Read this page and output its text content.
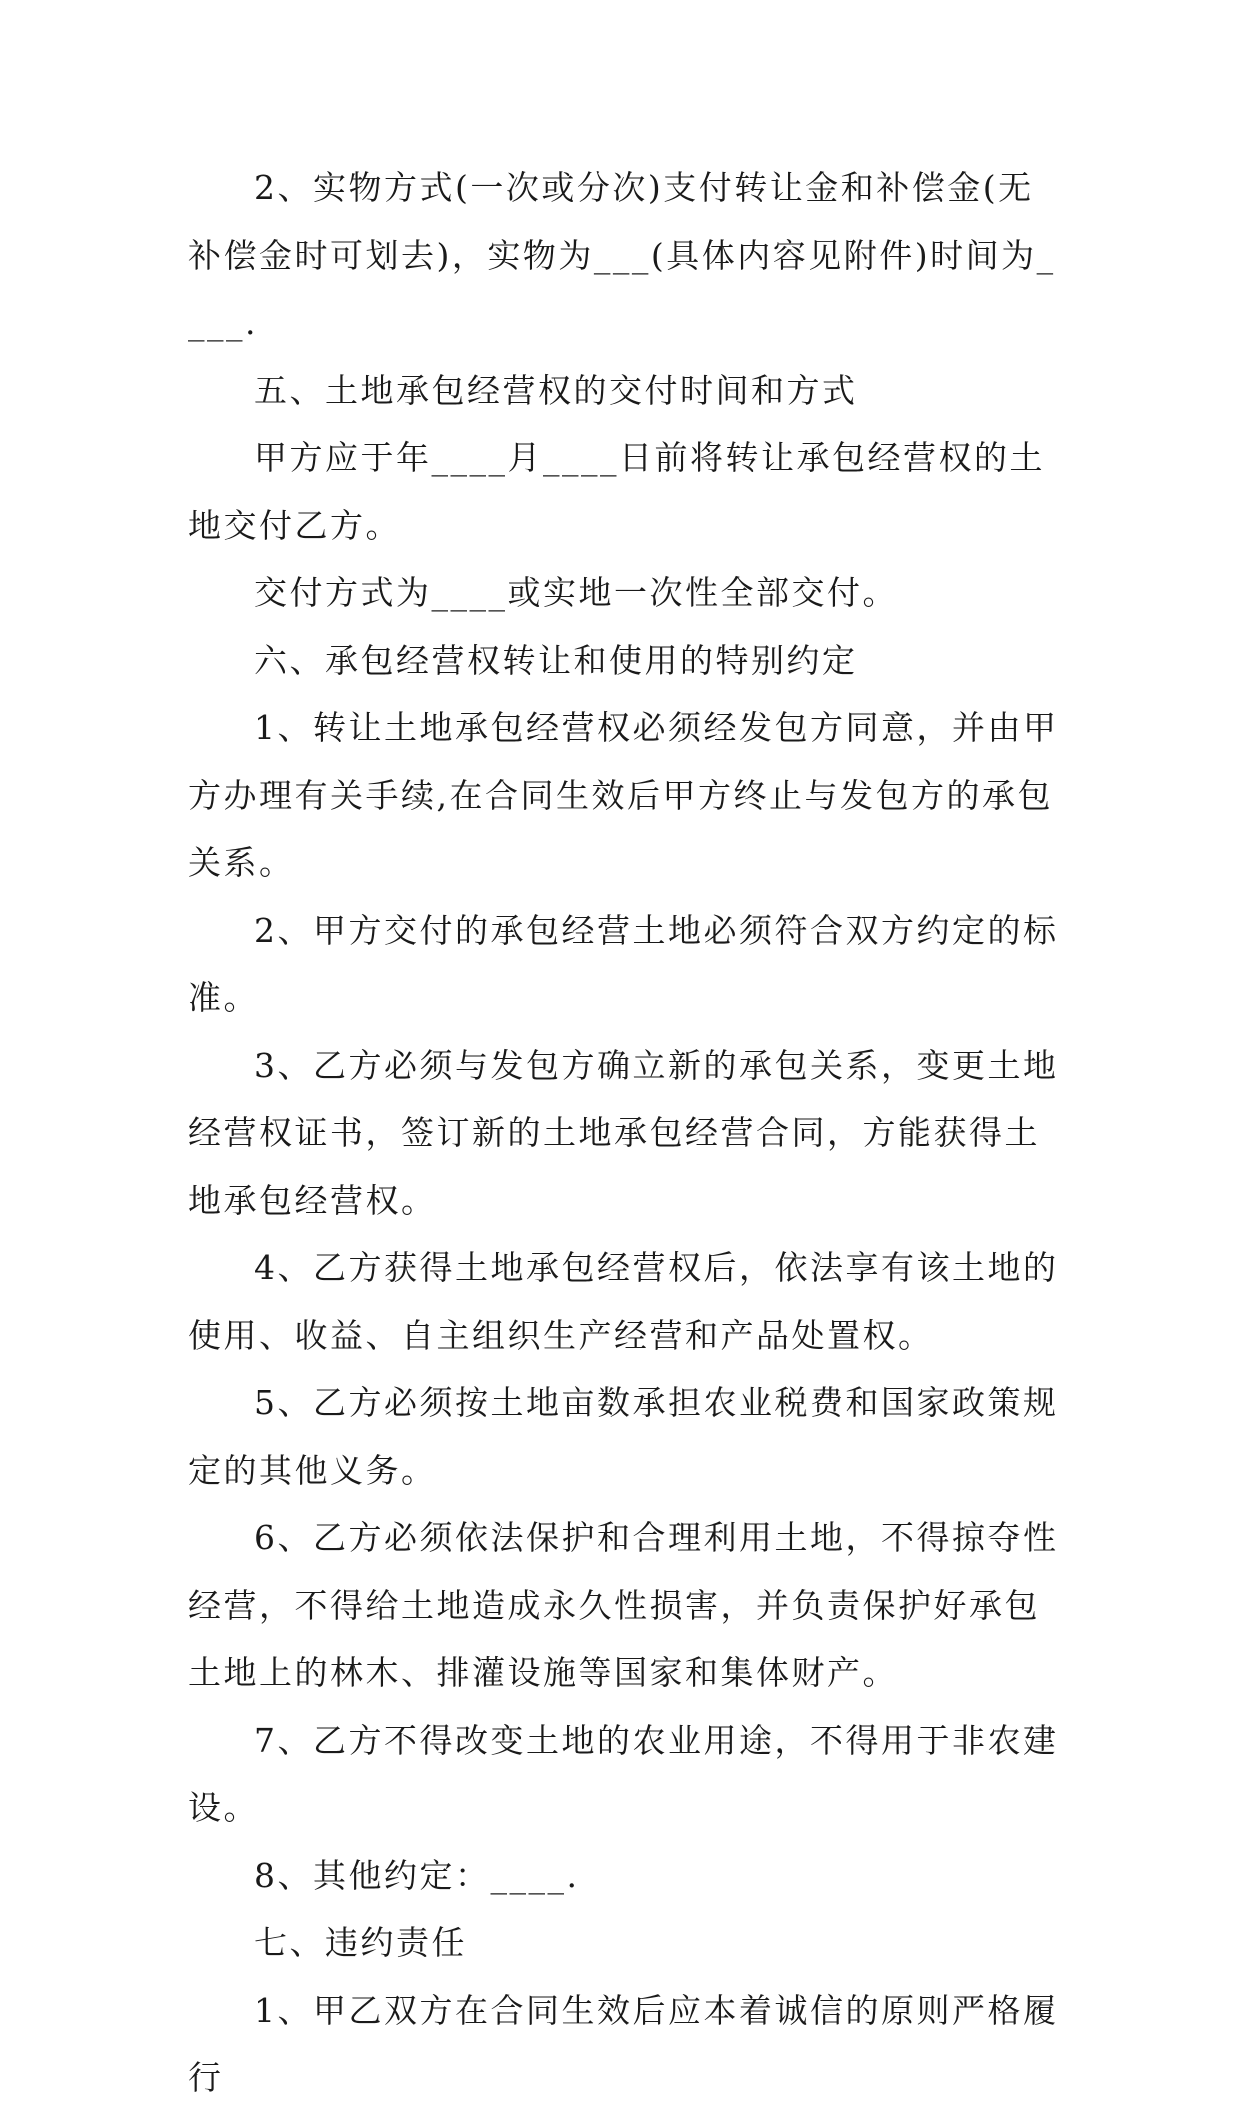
2、实物方式(一次或分次)支付转让金和补偿金(无补偿金时可划去)，实物为___(具体内容见附件)时间为____.

五、土地承包经营权的交付时间和方式

甲方应于年____月____日前将转让承包经营权的土地交付乙方。

交付方式为____或实地一次性全部交付。

六、承包经营权转让和使用的特别约定

1、转让土地承包经营权必须经发包方同意，并由甲方办理有关手续,在合同生效后甲方终止与发包方的承包关系。

2、甲方交付的承包经营土地必须符合双方约定的标准。

3、乙方必须与发包方确立新的承包关系，变更土地经营权证书，签订新的土地承包经营合同，方能获得土地承包经营权。

4、乙方获得土地承包经营权后，依法享有该土地的使用、收益、自主组织生产经营和产品处置权。

5、乙方必须按土地亩数承担农业税费和国家政策规定的其他义务。

6、乙方必须依法保护和合理利用土地，不得掠夺性经营，不得给土地造成永久性损害，并负责保护好承包土地上的林木、排灌设施等国家和集体财产。

7、乙方不得改变土地的农业用途，不得用于非农建设。

8、其他约定：____.

七、违约责任

1、甲乙双方在合同生效后应本着诚信的原则严格履行
